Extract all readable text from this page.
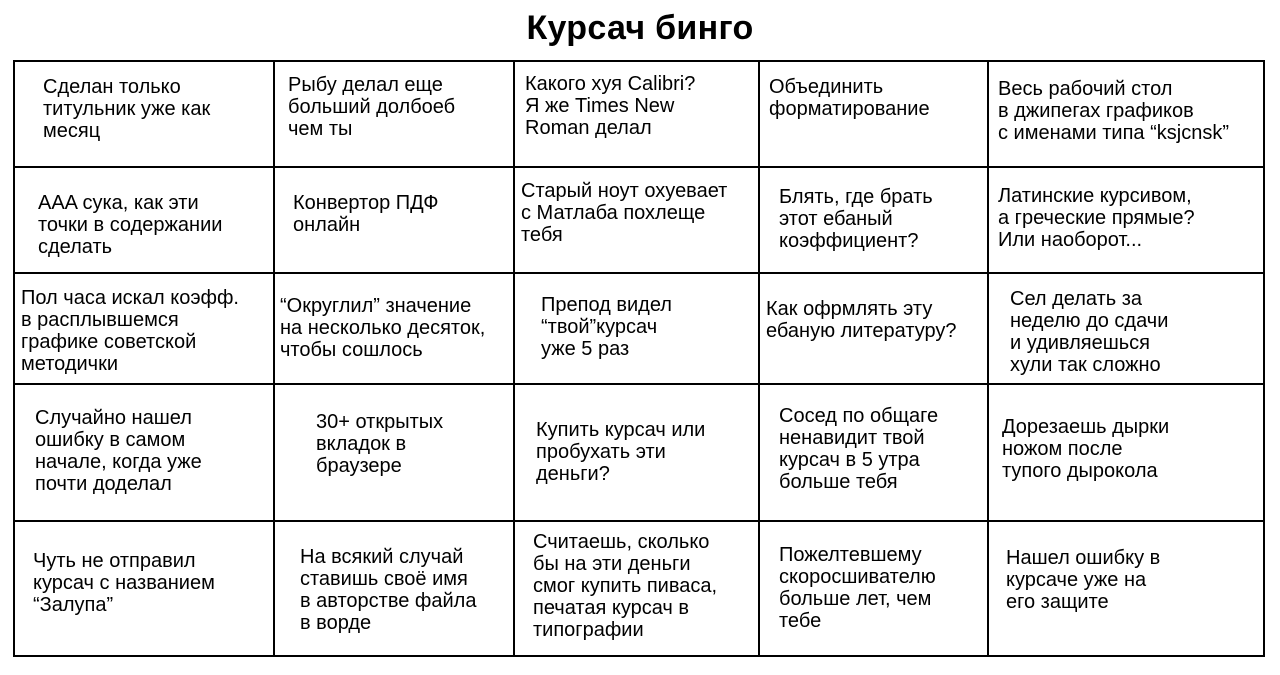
Курсач бинго
Сделан только
титульник уже как
месяц
Рыбу делал еще
больший долбоеб
чем ты
Какого хуя Calibri?
Я же Times New
Roman делал
Объединить
форматирование
Весь рабочий стол
в джипегах графиков
с именами типа “ksjcnsk”
AAA сука, как эти
точки в содержании
сделать
Конвертор ПДФ
онлайн
Старый ноут охуевает
с Матлаба похлеще
тебя
Блять, где брать
этот ебаный
коэффициент?
Латинские курсивом,
а греческие прямые?
Или наоборот...
Пол часа искал коэфф.
в расплывшемся
графике советской
методички
“Округлил” значение
на несколько десяток,
чтобы сошлось
Препод видел
“твой”курсач
уже 5 раз
Как офрмлять эту
ебаную литературу?
Сел делать за
неделю до сдачи
и удивляешься
хули так сложно
Случайно нашел
ошибку в самом
начале, когда уже
почти доделал
30+ открытых
вкладок в
браузере
Купить курсач или
пробухать эти
деньги?
Сосед по общаге
ненавидит твой
курсач в 5 утра
больше тебя
Дорезаешь дырки
ножом после
тупого дырокола
Чуть не отправил
курсач с названием
“Залупа”
На всякий случай
ставишь своё имя
в авторстве файла
в ворде
Считаешь, сколько
бы на эти деньги
смог купить пиваса,
печатая курсач в
типографии
Пожелтевшему
скоросшивателю
больше лет, чем
тебе
Нашел ошибку в
курсаче уже на
его защите
